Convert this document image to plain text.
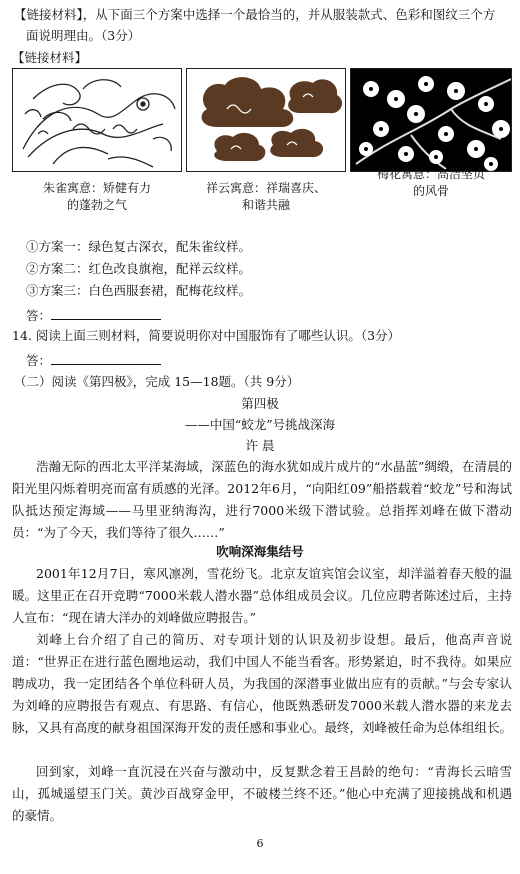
【链接材料】，从下面三个方案中选择一个最恰当的，并从服装款式、色彩和图纹三个方
面说明理由。（3分）
【链接材料】
朱雀寓意：矫健有力
的蓬勃之气
祥云寓意：祥瑞喜庆、
和谐共融
梅花寓意：高洁坚贞
的风骨
①方案一：绿色复古深衣，配朱雀纹样。
②方案二：红色改良旗袍，配祥云纹样。
③方案三：白色西服套裙，配梅花纹样。
答：
14. 阅读上面三则材料，简要说明你对中国服饰有了哪些认识。（3分）
答：
（二）阅读《第四极》，完成 15—18题。（共 9分）
第四极
——中国“蛟龙”号挑战深海
许 晨
浩瀚无际的西北太平洋某海域，深蓝色的海水犹如成片成片的“水晶蓝”绸缎，在清晨的阳光里闪烁着明亮而富有质感的光泽。2012年6月，“向阳红09”船搭载着“蛟龙”号和海试队抵达预定海域——马里亚纳海沟，进行7000米级下潜试验。总指挥刘峰在做下潜动员：“为了今天，我们等待了很久……”
吹响深海集结号
2001年12月7日，寒风凛冽，雪花纷飞。北京友谊宾馆会议室，却洋溢着春天般的温暖。这里正在召开竞聘“7000米载人潜水器”总体组成员会议。几位应聘者陈述过后，主持人宣布：“现在请大洋办的刘峰做应聘报告。”
刘峰上台介绍了自己的简历、对专项计划的认识及初步设想。最后，他高声音说道：“世界正在进行蓝色圈地运动，我们中国人不能当看客。形势紧迫，时不我待。如果应聘成功，我一定团结各个单位科研人员，为我国的深潜事业做出应有的贡献。”与会专家认为刘峰的应聘报告有观点、有思路、有信心，他既熟悉研发7000米载人潜水器的来龙去脉，又具有高度的献身祖国深海开发的责任感和事业心。最终，刘峰被任命为总体组组长。
回到家，刘峰一直沉浸在兴奋与激动中，反复默念着王昌龄的绝句：“青海长云暗雪山，孤城遥望玉门关。黄沙百战穿金甲，不破楼兰终不还。”他心中充满了迎接挑战和机遇的豪情。
6
